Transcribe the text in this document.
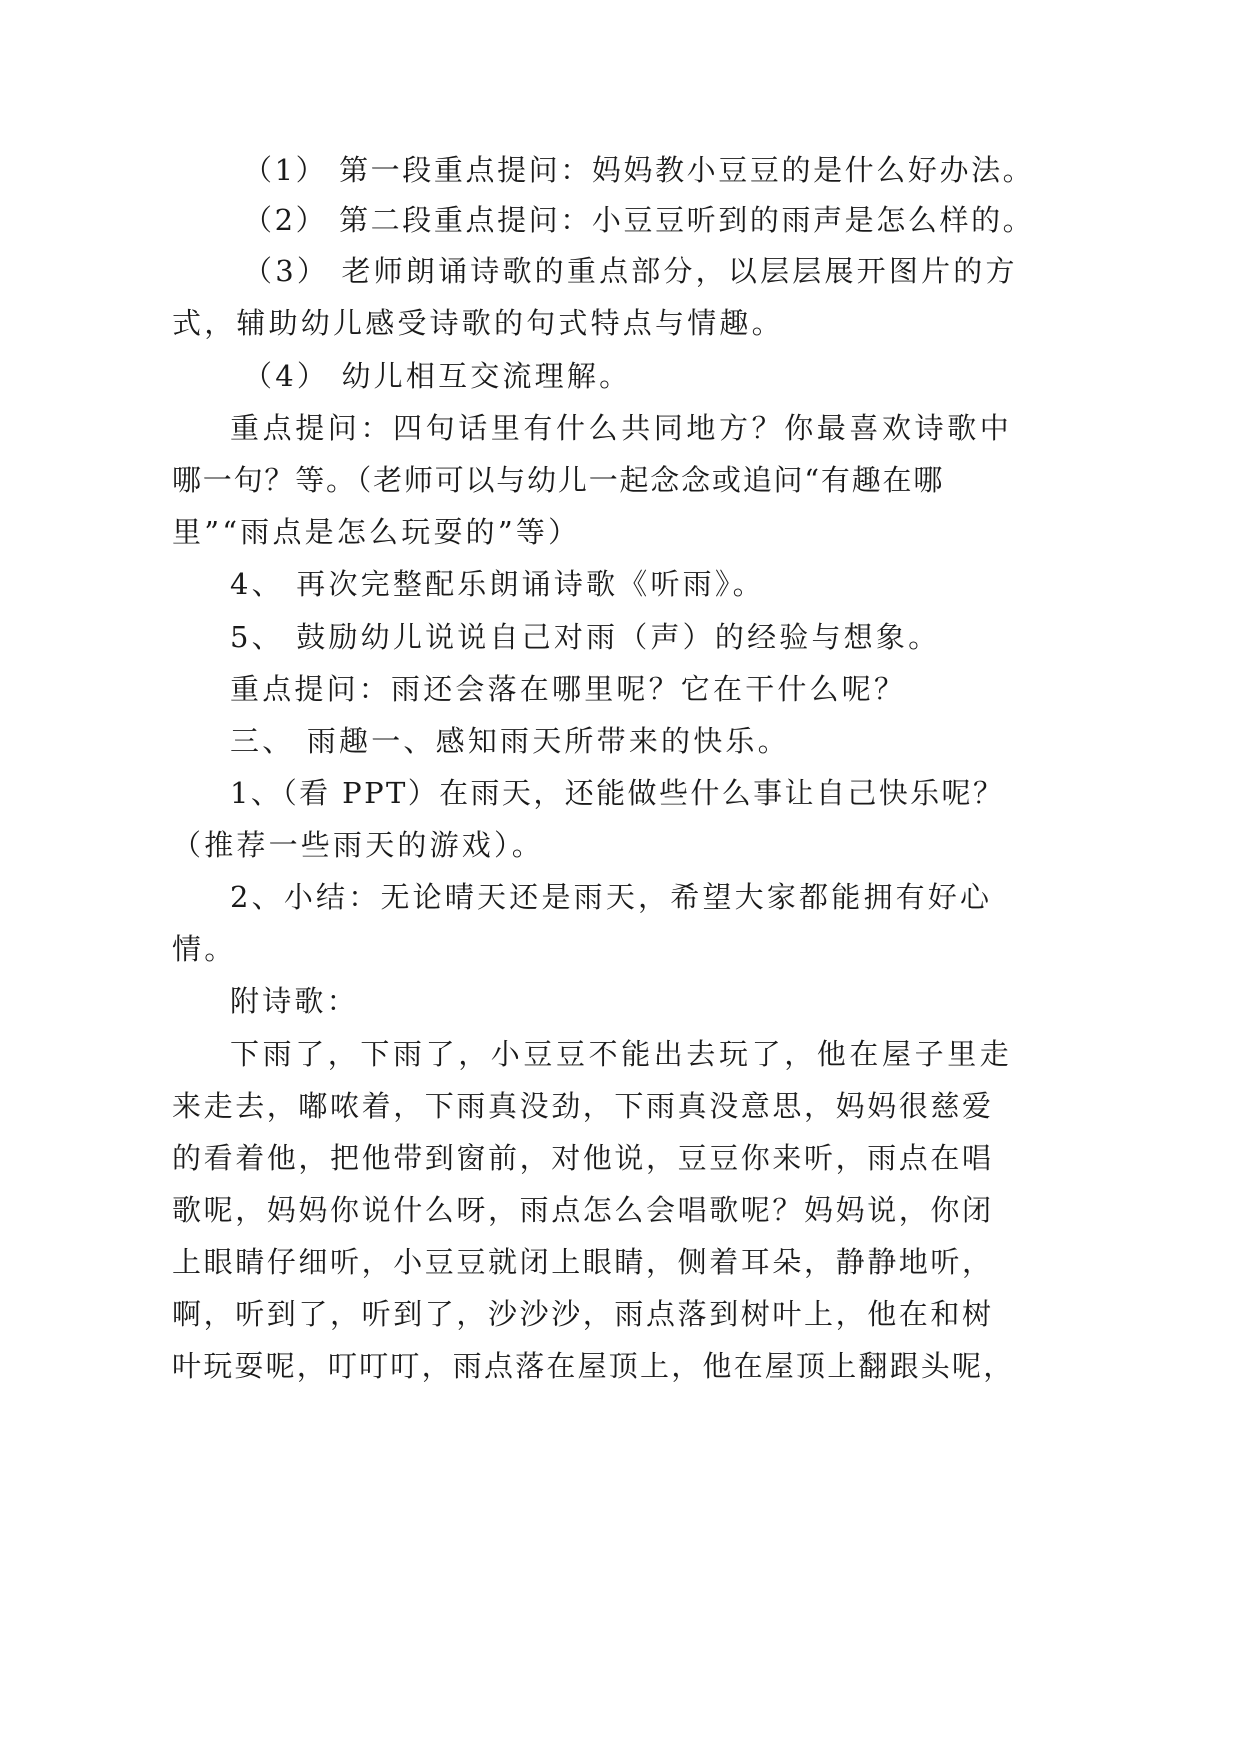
（1） 第一段重点提问：妈妈教小豆豆的是什么好办法。
（2） 第二段重点提问：小豆豆听到的雨声是怎么样的。
（3） 老师朗诵诗歌的重点部分，以层层展开图片的方
式，辅助幼儿感受诗歌的句式特点与情趣。
（4） 幼儿相互交流理解。
重点提问：四句话里有什么共同地方？你最喜欢诗歌中
哪一句？等。（老师可以与幼儿一起念念或追问“有趣在哪
里”“雨点是怎么玩耍的”等）
4、 再次完整配乐朗诵诗歌《听雨》。
5、 鼓励幼儿说说自己对雨（声）的经验与想象。
重点提问：雨还会落在哪里呢？它在干什么呢？
三、 雨趣一、感知雨天所带来的快乐。
1、（看 PPT）在雨天，还能做些什么事让自己快乐呢？
（推荐一些雨天的游戏）。
2、小结：无论晴天还是雨天，希望大家都能拥有好心
情。
附诗歌：
下雨了，下雨了，小豆豆不能出去玩了，他在屋子里走
来走去，嘟哝着，下雨真没劲，下雨真没意思，妈妈很慈爱
的看着他，把他带到窗前，对他说，豆豆你来听，雨点在唱
歌呢，妈妈你说什么呀，雨点怎么会唱歌呢？妈妈说，你闭
上眼睛仔细听，小豆豆就闭上眼睛，侧着耳朵，静静地听，
啊，听到了，听到了，沙沙沙，雨点落到树叶上，他在和树
叶玩耍呢，叮叮叮，雨点落在屋顶上，他在屋顶上翻跟头呢，
